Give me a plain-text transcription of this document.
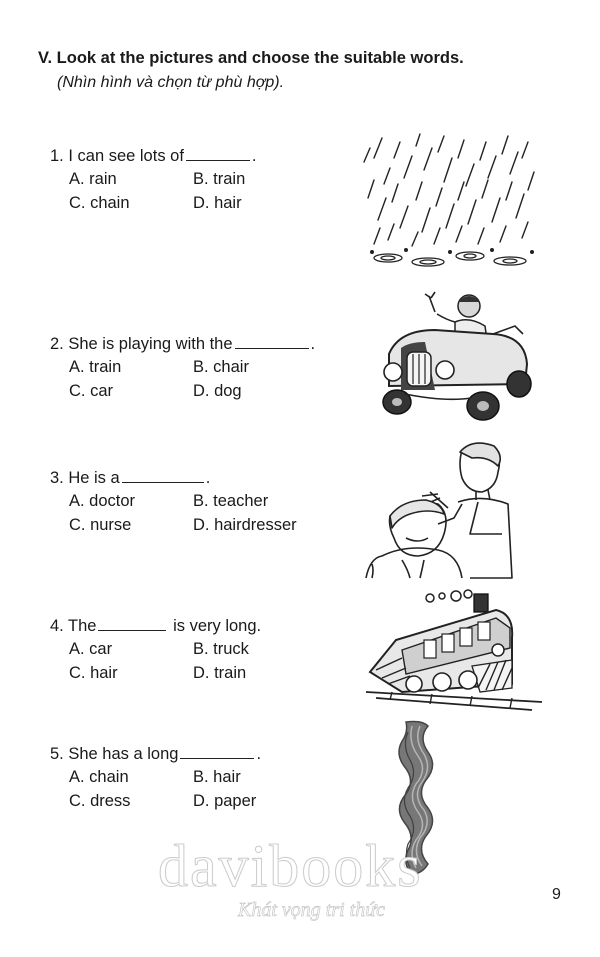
V. Look at the pictures and choose the suitable words.
(Nhìn hình và chọn từ phù hợp).
1. I can see lots of	.
A. rain	B. train
C. chain	D. hair
2. She is playing with the	.
A. train	B. chair
C. car	D. dog
3. He is a	.
A. doctor	B. teacher
C. nurse	D. hairdresser
4. The	is very long.
A. car	B. truck
C. hair	D. train
5. She has a long	.
A. chain	B. hair
C. dress	D. paper
davibooks
Khát vọng tri thức
9
